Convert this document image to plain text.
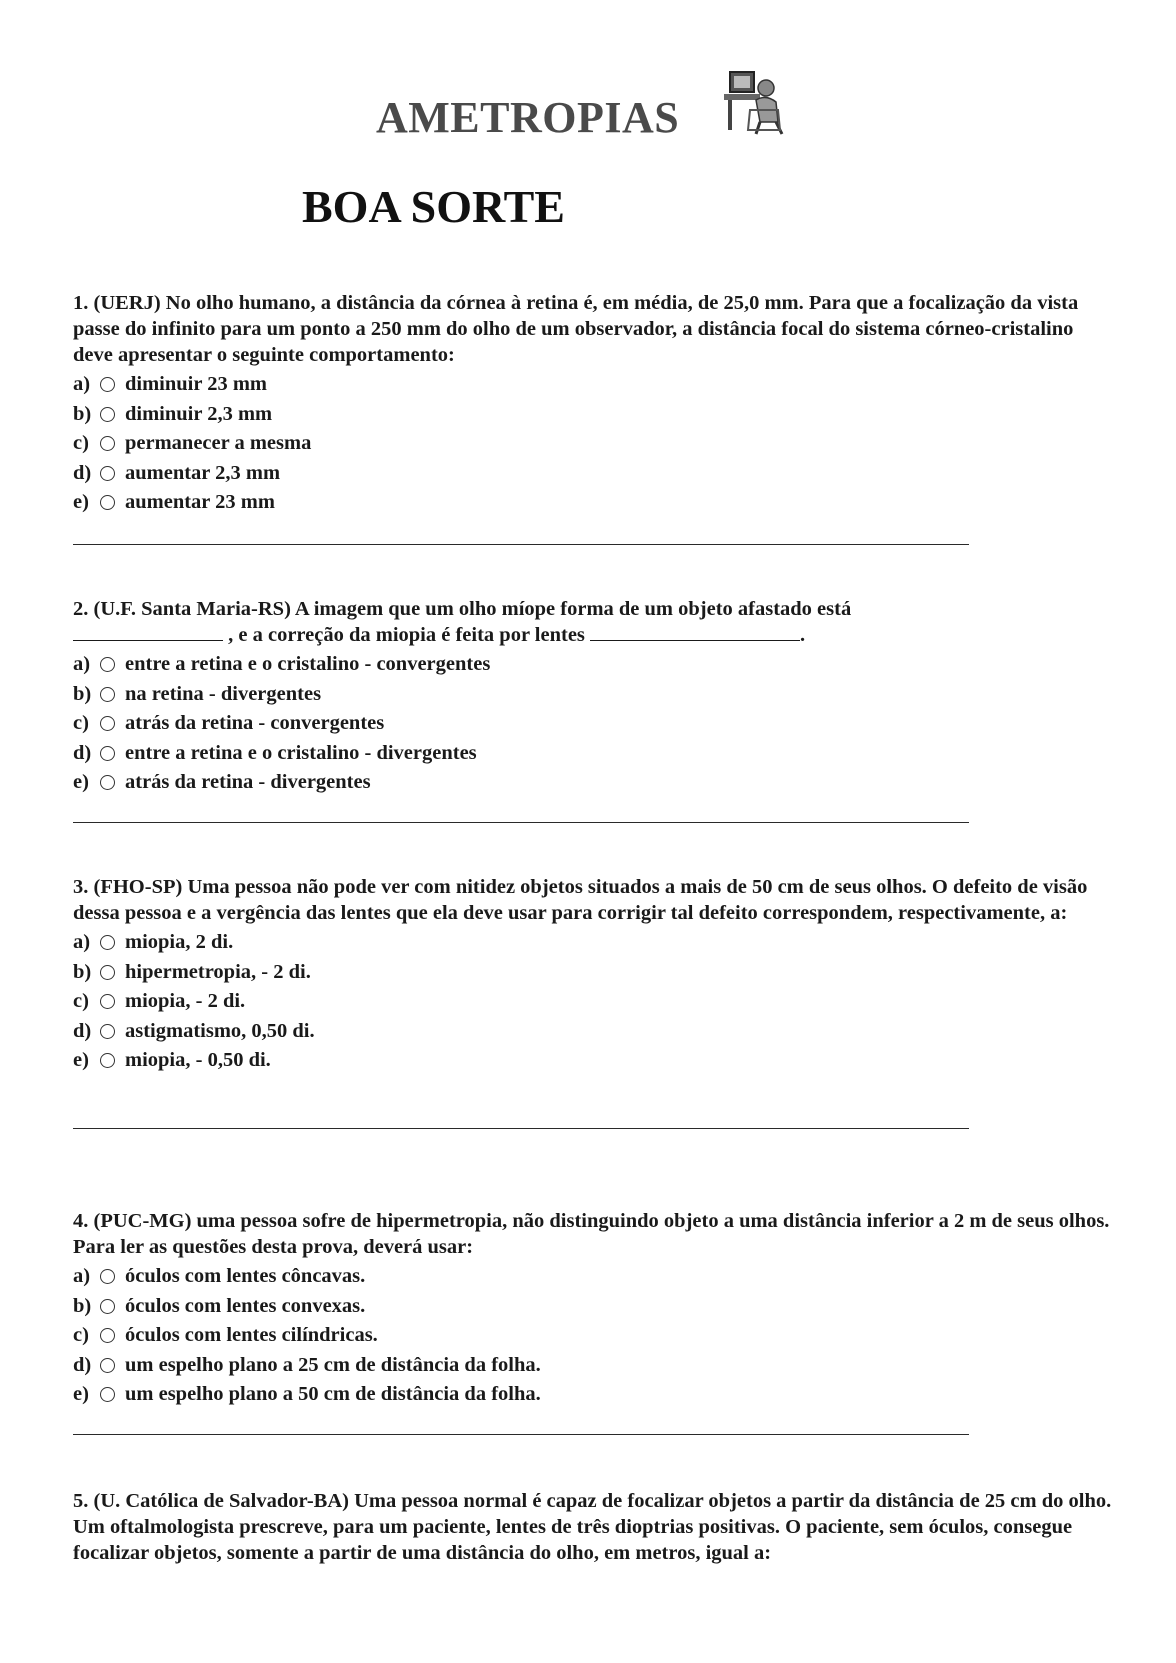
AMETROPIAS
BOA SORTE

1. (UERJ) No olho humano, a distância da córnea à retina é, em média, de 25,0 mm. Para que a focalização da vista passe do infinito para um ponto a 250 mm do olho de um observador, a distância focal do sistema córneo-cristalino deve apresentar o seguinte comportamento:

a) diminuir 23 mm
b) diminuir 2,3 mm
c) permanecer a mesma
d) aumentar 2,3 mm
e) aumentar 23 mm

2. (U.F. Santa Maria-RS) A imagem que um olho míope forma de um objeto afastado está
, e a correção da miopia é feita por lentes	.

a) entre a retina e o cristalino - convergentes
b) na retina - divergentes
c) atrás da retina - convergentes
d) entre a retina e o cristalino - divergentes
e) atrás da retina - divergentes

3. (FHO-SP) Uma pessoa não pode ver com nitidez objetos situados a mais de 50 cm de seus olhos. O defeito de visão dessa pessoa e a vergência das lentes que ela deve usar para corrigir tal defeito correspondem, respectivamente, a:

a) miopia, 2 di.
b) hipermetropia, - 2 di.
c) miopia, - 2 di.
d) astigmatismo, 0,50 di.
e) miopia, - 0,50 di.

4. (PUC-MG) uma pessoa sofre de hipermetropia, não distinguindo objeto a uma distância inferior a 2 m de seus olhos. Para ler as questões desta prova, deverá usar:

a) óculos com lentes côncavas.
b) óculos com lentes convexas.
c) óculos com lentes cilíndricas.
d) um espelho plano a 25 cm de distância da folha.
e) um espelho plano a 50 cm de distância da folha.

5. (U. Católica de Salvador-BA) Uma pessoa normal é capaz de focalizar objetos a partir da distância de 25 cm do olho. Um oftalmologista prescreve, para um paciente, lentes de três dioptrias positivas. O paciente, sem óculos, consegue focalizar objetos, somente a partir de uma distância do olho, em metros, igual a:
